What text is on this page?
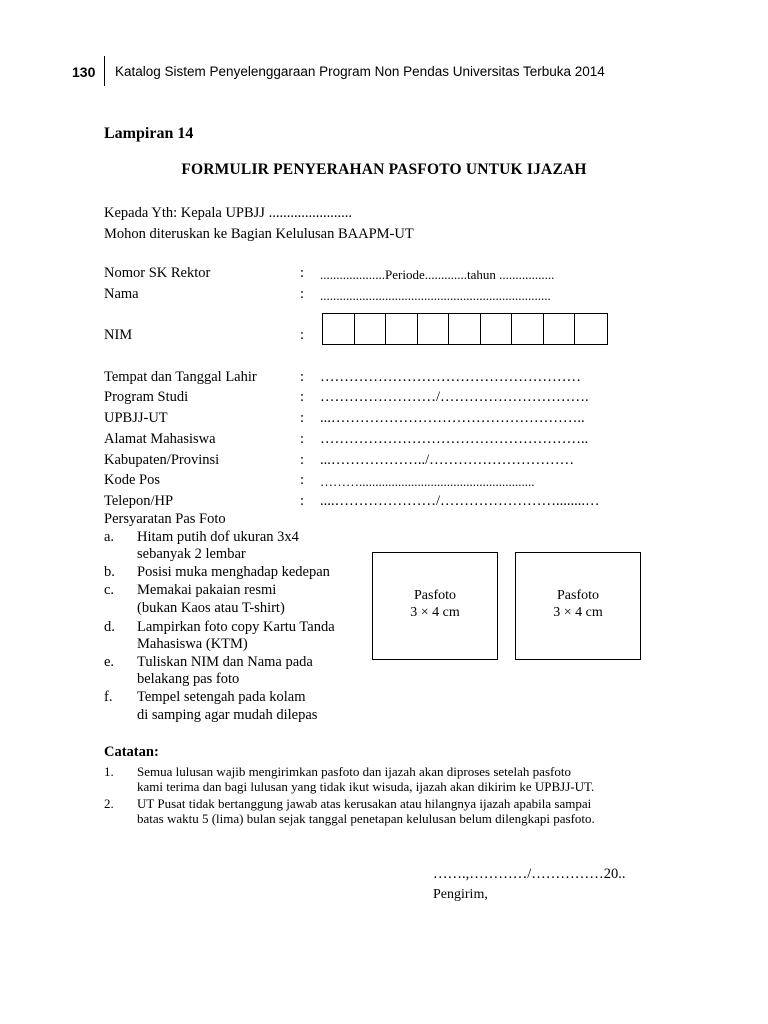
130 Katalog Sistem Penyelenggaraan Program Non Pendas Universitas Terbuka 2014
Lampiran 14
FORMULIR PENYERAHAN PASFOTO UNTUK IJAZAH
Kepada Yth: Kepala UPBJJ .......................
Mohon diteruskan ke Bagian Kelulusan BAAPM-UT
Nomor SK Rektor	: ....................Periode.............tahun .................
Nama	: .......................................................................
NIM	:
Tempat dan Tanggal Lahir	: ………………………………………………
Program Studi	: ……………………/………………………….
UPBJJ-UT	: ...……………………………………………..
Alamat Mahasiswa	: ………………………………………………..
Kabupaten/Provinsi	: ...………………../…………………………
Kode Pos	: ………......................................................
Telepon/HP	: ....…………………/……………………........…
Persyaratan Pas Foto
a. Hitam putih dof ukuran 3x4
sebanyak 2 lembar
b. Posisi muka menghadap kedepan
c. Memakai pakaian resmi
(bukan Kaos atau T-shirt)
d. Lampirkan foto copy Kartu Tanda
Mahasiswa (KTM)
e. Tuliskan NIM dan Nama pada
belakang pas foto
f. Tempel setengah pada kolam
di samping agar mudah dilepas
Pasfoto
3 × 4 cm
Pasfoto
3 × 4 cm
Catatan:
1. Semua lulusan wajib mengirimkan pasfoto dan ijazah akan diproses setelah pasfoto
kami terima dan bagi lulusan yang tidak ikut wisuda, ijazah akan dikirim ke UPBJJ-UT.
2. UT Pusat tidak bertanggung jawab atas kerusakan atau hilangnya ijazah apabila sampai
batas waktu 5 (lima) bulan sejak tanggal penetapan kelulusan belum dilengkapi pasfoto.
…….,…………/……………20..
Pengirim,
